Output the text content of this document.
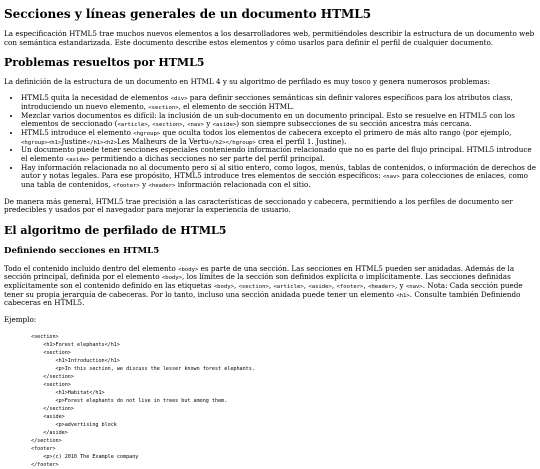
Secciones y líneas generales de un documento HTML5

La especificación HTML5 trae muchos nuevos elementos a los desarrolladores web, permitiéndoles describir la estructura de un documento web con semántica estandarizada. Este documento describe estos elementos y cómo usarlos para definir el perfil de cualquier documento.

Problemas resueltos por HTML5

La definición de la estructura de un documento en HTML 4 y su algoritmo de perfilado es muy tosco y genera numerosos problemas:

• HTML5 quita la necesidad de elementos <div> para definir secciones semánticas sin definir valores específicos para los atributos class, introduciendo un nuevo elemento, <section>, el elemento de sección HTML.
• Mezclar varios documentos es difícil: la inclusión de un sub-documento en un documento principal. Esto se resuelve en HTML5 con los elementos de seccionado (<article>, <section>, <nav> y <aside>) son siempre subsecciones de su sección ancestra más cercana.
• HTML5 introduce el elemento <hgroup> que oculta todos los elementos de cabecera excepto el primero de más alto rango (por ejemplo, <hgroup><h1>Justine</h1><h2>Les Malheurs de la Vertu</h2></hgroup> crea el perfil 1. Justine).
• Un documento puede tener secciones especiales conteniendo información relacionado que no es parte del flujo principal. HTML5 introduce el elemento <aside> permitiendo a dichas secciones no ser parte del perfil principal.
• Hay información relacionada no al documento pero sí al sitio entero, como logos, menús, tablas de contenidos, o información de derechos de autor y notas legales. Para ese propósito, HTML5 introduce tres elementos de sección específicos: <nav> para colecciones de enlaces, como una tabla de contenidos, <footer> y <header> información relacionada con el sitio.

De manera más general, HTML5 trae precisión a las características de seccionado y cabecera, permitiendo a los perfiles de documento ser predecibles y usados por el navegador para mejorar la experiencia de usuario.

El algoritmo de perfilado de HTML5
Definiendo secciones en HTML5

Todo el contenido incluido dentro del elemento <body> es parte de una sección. Las secciones en HTML5 pueden ser anidadas. Además de la sección principal, definida por el elemento <body>, los límites de la sección son definidos explícita o implícitamente. Las secciones definidas explícitamente son el contenido definido en las etiquetas <body>, <section>, <article>, <aside>, <footer>, <header>, y <nav>. Nota: Cada sección puede tener su propia jerarquía de cabeceras. Por lo tanto, incluso una sección anidada puede tener un elemento <h1>. Consulte también Definiendo cabeceras en HTML5.

Ejemplo:

<section>
<h1>Forest elephants</h1>
<section>
<h1>Introduction</h1>
<p>In this section, we discuss the lesser known forest elephants.
</section>
<section>
<h1>Habitat</h1>
<p>Forest elephants do not live in trees but among them.
</section>
<aside>
<p>advertising block
</aside>
</section>
<footer>
<p>(c) 2010 The Example company
</footer>
